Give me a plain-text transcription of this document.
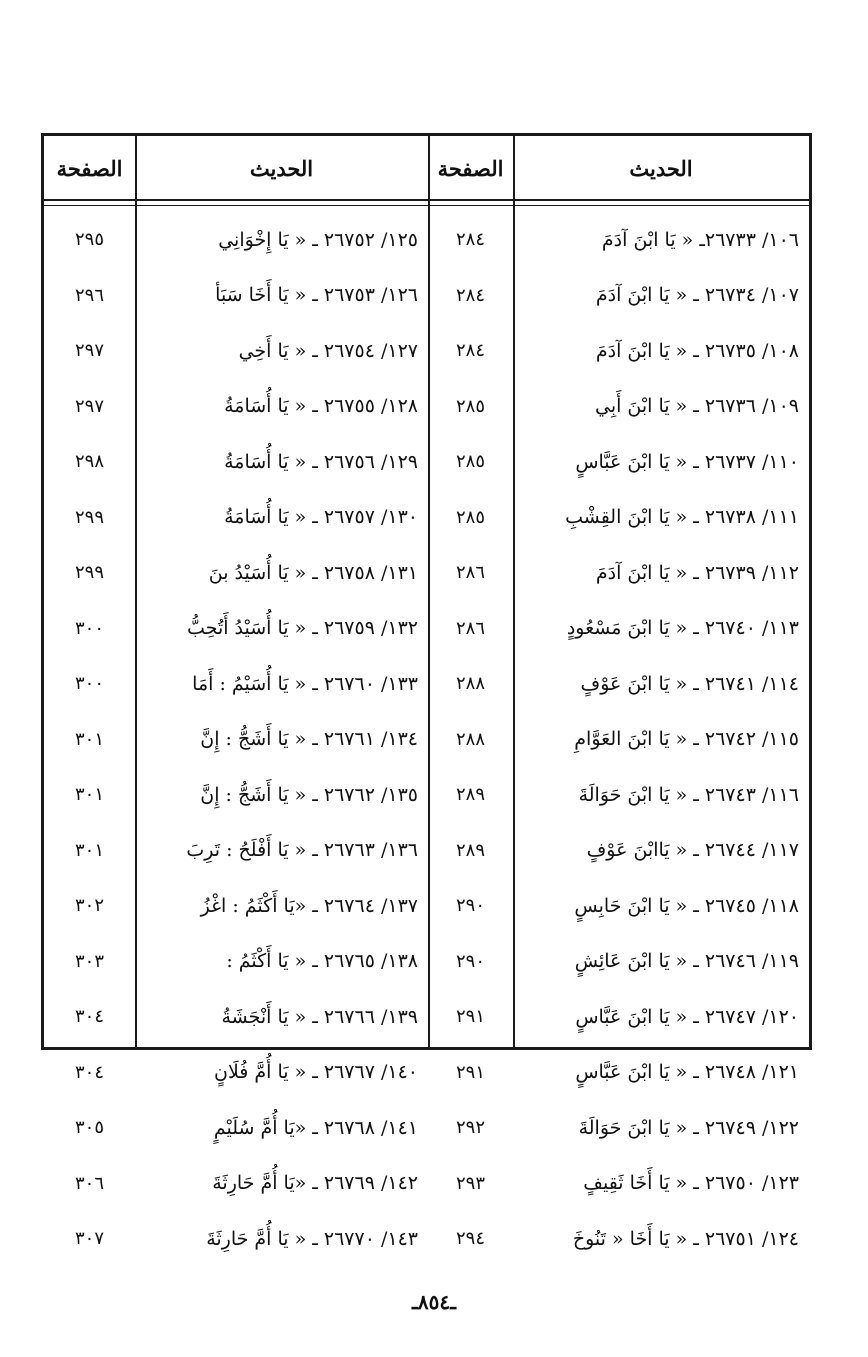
الحديث
الصفحة
الحديث
الصفحة
١٠٦/ ٢٦٧٣٣ـ « يَا ابْنَ آدَمَ
٢٨٤
١٢٥/ ٢٦٧٥٢ ـ « يَا إِخْوَانِي
٢٩٥
١٠٧/ ٢٦٧٣٤ ـ « يَا ابْنَ آدَمَ
٢٨٤
١٢٦/ ٢٦٧٥٣ ـ « يَا أَخَا سَبَأ
٢٩٦
١٠٨/ ٢٦٧٣٥ ـ « يَا ابْنَ آدَمَ
٢٨٤
١٢٧/ ٢٦٧٥٤ ـ « يَا أَخِي
٢٩٧
١٠٩/ ٢٦٧٣٦ ـ « يَا ابْنَ أَبِي
٢٨٥
١٢٨/ ٢٦٧٥٥ ـ « يَا أُسَامَةُ
٢٩٧
١١٠/ ٢٦٧٣٧ ـ « يَا ابْنَ عَبَّاسٍ
٢٨٥
١٢٩/ ٢٦٧٥٦ ـ « يَا أُسَامَةُ
٢٩٨
١١١/ ٢٦٧٣٨ ـ « يَا ابْنَ القِشْبِ
٢٨٥
١٣٠/ ٢٦٧٥٧ ـ « يَا أُسَامَةُ
٢٩٩
١١٢/ ٢٦٧٣٩ ـ « يَا ابْنَ آدَمَ
٢٨٦
١٣١/ ٢٦٧٥٨ ـ « يَا أُسَيْدُ بنَ
٢٩٩
١١٣/ ٢٦٧٤٠ ـ « يَا ابْنَ مَسْعُودٍ
٢٨٦
١٣٢/ ٢٦٧٥٩ ـ « يَا أُسَيْدُ أَتُحِبُّ
٣٠٠
١١٤/ ٢٦٧٤١ ـ « يَا ابْنَ عَوْفٍ
٢٨٨
١٣٣/ ٢٦٧٦٠ ـ « يَا أُسَيْمُ : أَمَا
٣٠٠
١١٥/ ٢٦٧٤٢ ـ « يَا ابْنَ العَوَّامِ
٢٨٨
١٣٤/ ٢٦٧٦١ ـ « يَا أَشَجُّ : إِنَّ
٣٠١
١١٦/ ٢٦٧٤٣ ـ « يَا ابْنَ حَوَالَةَ
٢٨٩
١٣٥/ ٢٦٧٦٢ ـ « يَا أَشَجُّ : إِنَّ
٣٠١
١١٧/ ٢٦٧٤٤ ـ « يَاابْنَ عَوْفٍ
٢٨٩
١٣٦/ ٢٦٧٦٣ ـ « يَا أَفْلَحُ : تَرِبَ
٣٠١
١١٨/ ٢٦٧٤٥ ـ « يَا ابْنَ حَابِسٍ
٢٩٠
١٣٧/ ٢٦٧٦٤ ـ «يَا أَكْثَمُ : اغْزُ
٣٠٢
١١٩/ ٢٦٧٤٦ ـ « يَا ابْنَ عَائِشٍ
٢٩٠
١٣٨/ ٢٦٧٦٥ ـ « يَا أَكْثَمُ :
٣٠٣
١٢٠/ ٢٦٧٤٧ ـ « يَا ابْنَ عَبَّاسٍ
٢٩١
١٣٩/ ٢٦٧٦٦ ـ « يَا أَنْجَشَةُ
٣٠٤
١٢١/ ٢٦٧٤٨ ـ « يَا ابْنَ عَبَّاسٍ
٢٩١
١٤٠/ ٢٦٧٦٧ ـ « يَا أُمَّ فُلَانٍ
٣٠٤
١٢٢/ ٢٦٧٤٩ ـ « يَا ابْنَ حَوَالَةَ
٢٩٢
١٤١/ ٢٦٧٦٨ ـ «يَا أُمَّ سُلَيْمٍ
٣٠٥
١٢٣/ ٢٦٧٥٠ ـ « يَا أَخَا ثَقِيفٍ
٢٩٣
١٤٢/ ٢٦٧٦٩ ـ «يَا أُمَّ حَارِثَةَ
٣٠٦
١٢٤/ ٢٦٧٥١ ـ « يَا أَخَا « تَنُوخَ
٢٩٤
١٤٣/ ٢٦٧٧٠ ـ « يَا أُمَّ حَارِثَةَ
٣٠٧
ـ٨٥٤ـ
